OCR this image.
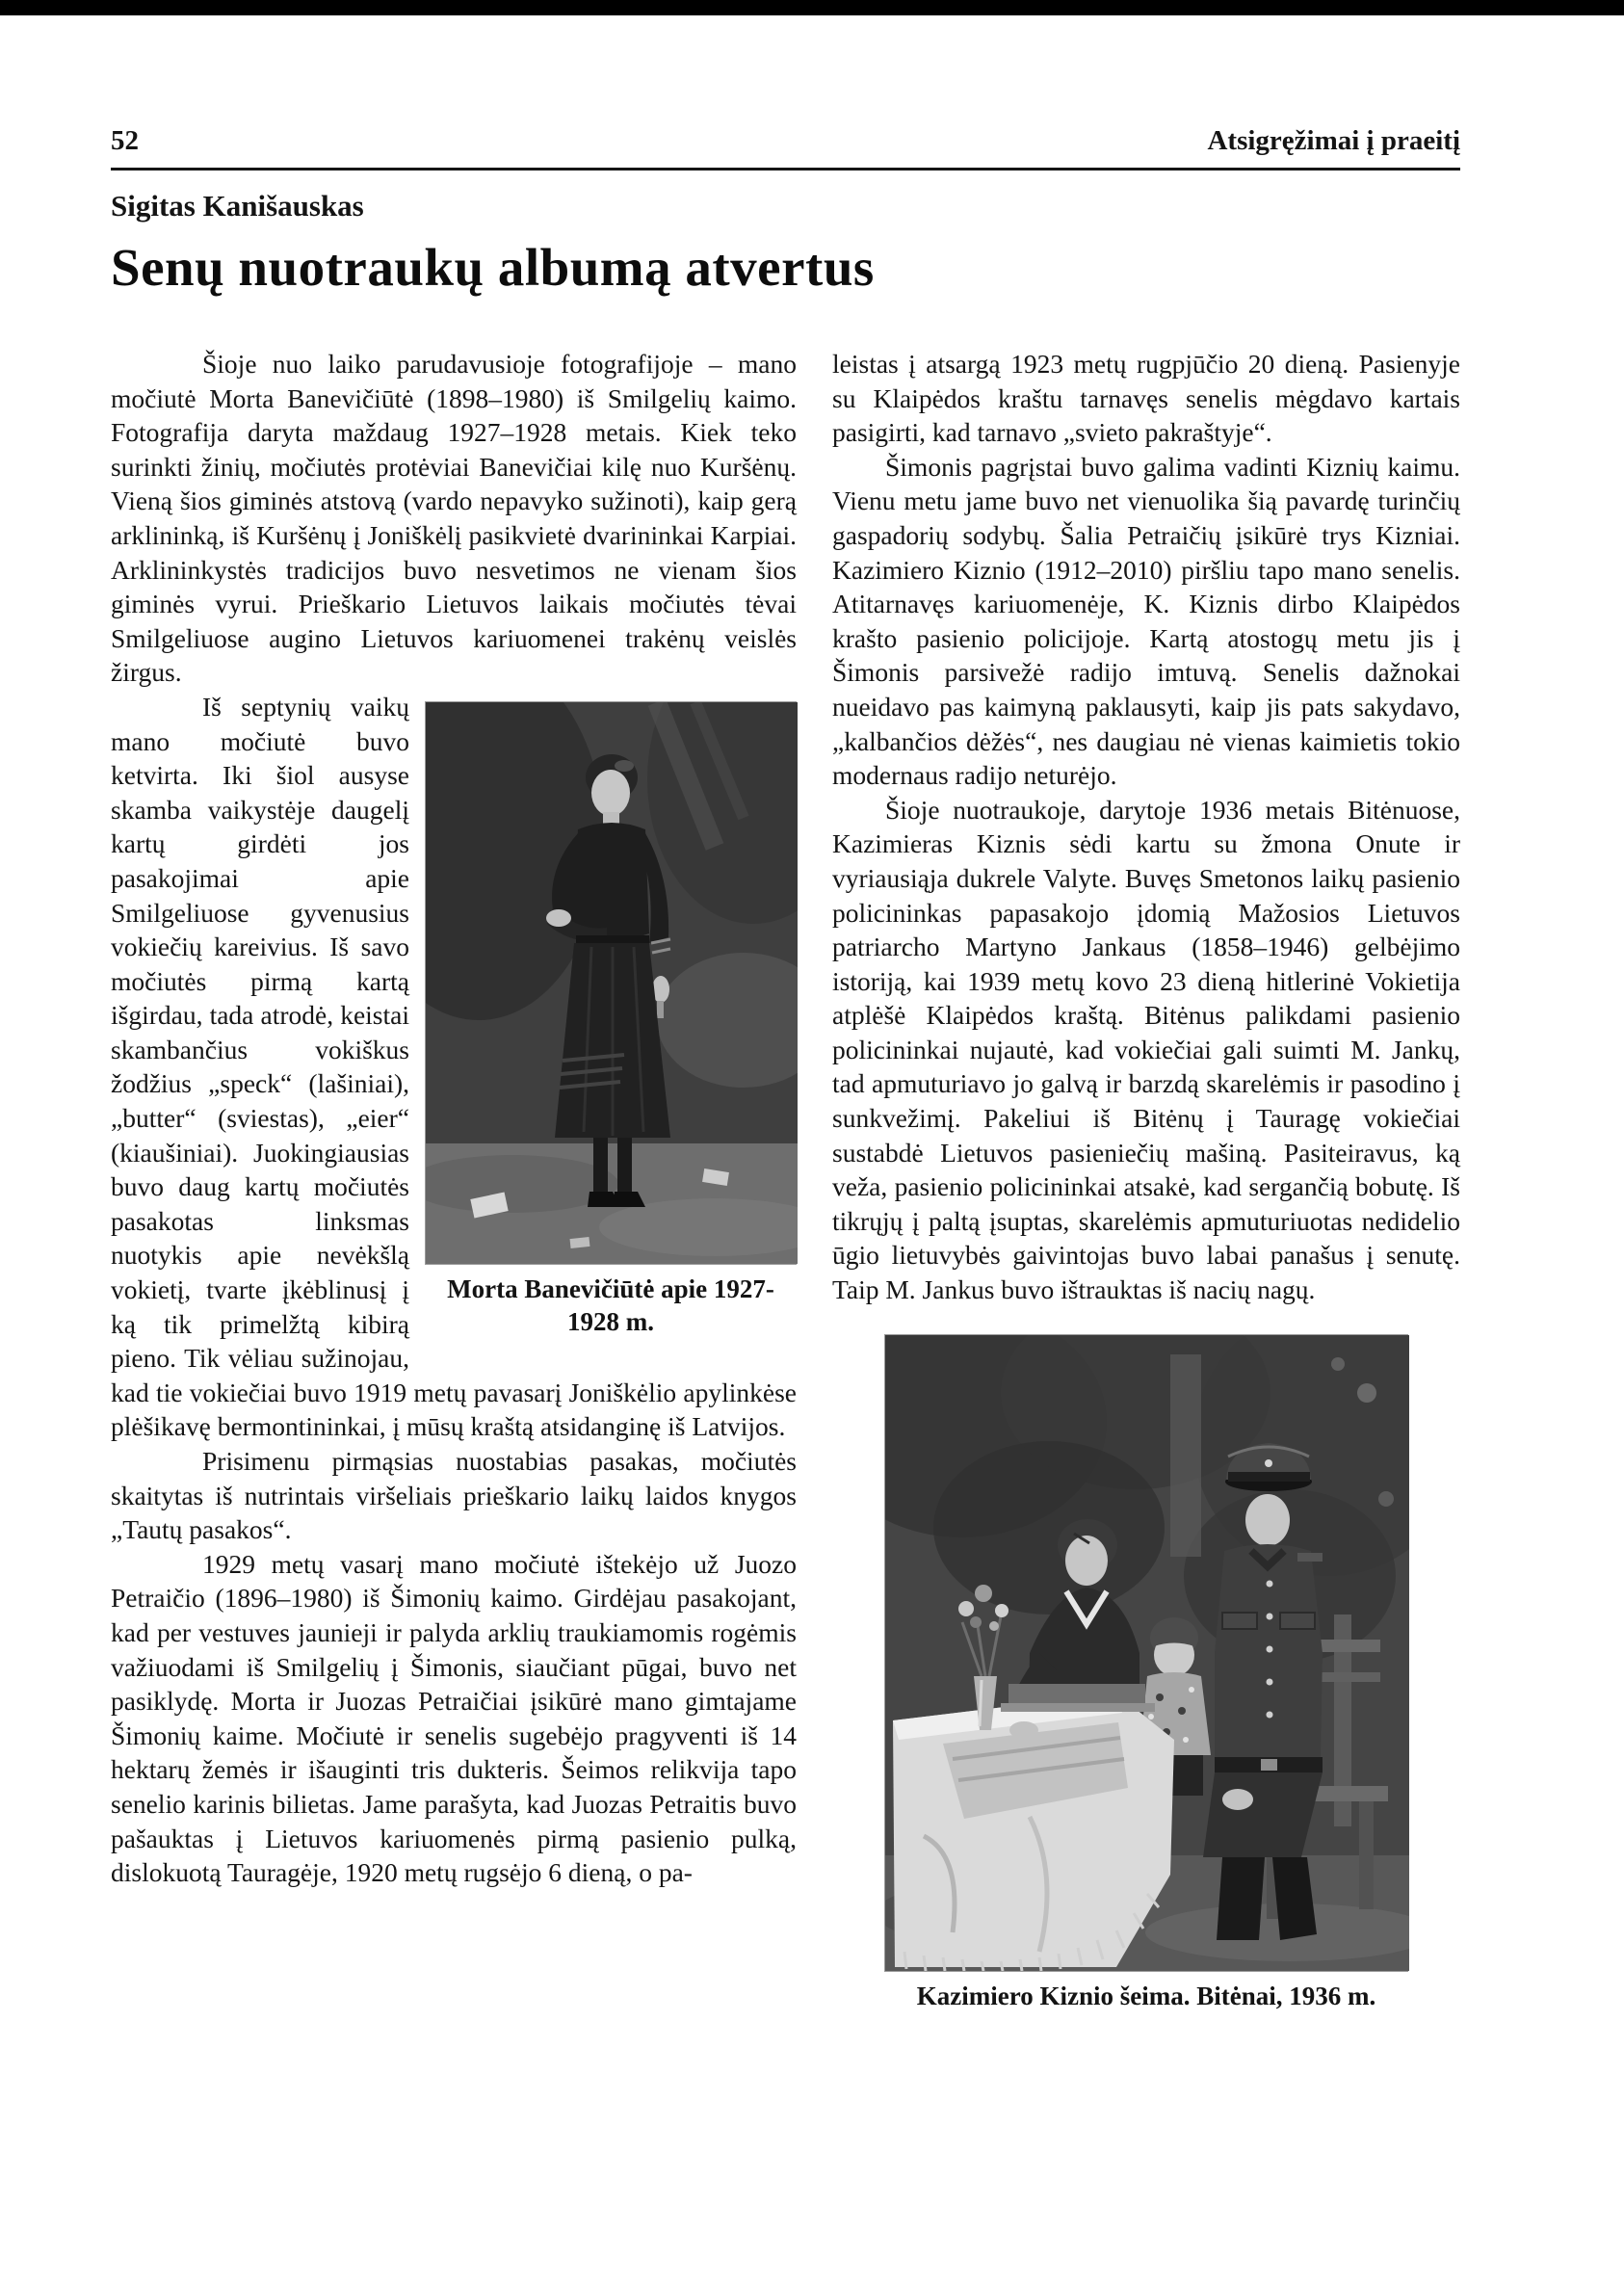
52	Atsigręžimai į praeitį
Sigitas Kanišauskas
Senų nuotraukų albumą atvertus

Šioje nuo laiko parudavusioje fotografijoje – mano močiutė Morta Banevičiūtė (1898–1980) iš Smilgelių kaimo. Fotografija daryta maždaug 1927–1928 metais. Kiek teko surinkti žinių, močiutės protėviai Banevičiai kilę nuo Kuršėnų. Vieną šios giminės atstovą (vardo nepavyko sužinoti), kaip gerą arklininką, iš Kuršėnų į Joniškėlį pasikvietė dvarininkai Karpiai. Arklininkystės tradicijos buvo nesvetimos ne vienam šios giminės vyrui. Prieškario Lietuvos laikais močiutės tėvai Smilgeliuose augino Lietuvos kariuomenei trakėnų veislės žirgus.

Morta Banevičiūtė apie 1927-1928 m.

Iš septynių vaikų mano močiutė buvo ketvirta. Iki šiol ausyse skamba vaikystėje daugelį kartų girdėti jos pasakojimai apie Smilgeliuose gyvenusius vokiečių kareivius. Iš savo močiutės pirmą kartą išgirdau, tada atrodė, keistai skambančius vokiškus žodžius „speck“ (lašiniai), „butter“ (sviestas), „eier“ (kiaušiniai). Juokingiausias buvo daug kartų močiutės pasakotas linksmas nuotykis apie nevėkšlą vokietį, tvarte įkėblinusį į ką tik primelžtą kibirą pieno. Tik vėliau sužinojau, kad tie vokiečiai buvo 1919 metų pavasarį Joniškėlio apylinkėse plėšikavę bermontininkai, į mūsų kraštą atsidanginę iš Latvijos.

Prisimenu pirmąsias nuostabias pasakas, močiutės skaitytas iš nutrintais viršeliais prieškario laikų laidos knygos „Tautų pasakos“.

1929 metų vasarį mano močiutė ištekėjo už Juozo Petraičio (1896–1980) iš Šimonių kaimo. Girdėjau pasakojant, kad per vestuves jaunieji ir palyda arklių traukiamomis rogėmis važiuodami iš Smilgelių į Šimonis, siaučiant pūgai, buvo net pasiklydę. Morta ir Juozas Petraičiai įsikūrė mano gimtajame Šimonių kaime. Močiutė ir senelis sugebėjo pragyventi iš 14 hektarų žemės ir išauginti tris dukteris. Šeimos relikvija tapo senelio karinis bilietas. Jame parašyta, kad Juozas Petraitis buvo pašauktas į Lietuvos kariuomenės pirmą pasienio pulką, dislokuotą Tauragėje, 1920 metų rugsėjo 6 dieną, o pa-

leistas į atsargą 1923 metų rugpjūčio 20 dieną. Pasienyje su Klaipėdos kraštu tarnavęs senelis mėgdavo kartais pasigirti, kad tarnavo „svieto pakraštyje“.

Šimonis pagrįstai buvo galima vadinti Kiznių kaimu. Vienu metu jame buvo net vienuolika šią pavardę turinčių gaspadorių sodybų. Šalia Petraičių įsikūrė trys Kizniai. Kazimiero Kiznio (1912–2010) piršliu tapo mano senelis. Atitarnavęs kariuomenėje, K. Kiznis dirbo Klaipėdos krašto pasienio policijoje. Kartą atostogų metu jis į Šimonis parsivežė radijo imtuvą. Senelis dažnokai nueidavo pas kaimyną paklausyti, kaip jis pats sakydavo, „kalbančios dėžės“, nes daugiau nė vienas kaimietis tokio modernaus radijo neturėjo.

Šioje nuotraukoje, darytoje 1936 metais Bitėnuose, Kazimieras Kiznis sėdi kartu su žmona Onute ir vyriausiąja dukrele Valyte. Buvęs Smetonos laikų pasienio policininkas papasakojo įdomią Mažosios Lietuvos patriarcho Martyno Jankaus (1858–1946) gelbėjimo istoriją, kai 1939 metų kovo 23 dieną hitlerinė Vokietija atplėšė Klaipėdos kraštą. Bitėnus palikdami pasienio policininkai nujautė, kad vokiečiai gali suimti M. Jankų, tad apmuturiavo jo galvą ir barzdą skarelėmis ir pasodino į sunkvežimį. Pakeliui iš Bitėnų į Tauragę vokiečiai sustabdė Lietuvos pasieniečių mašiną. Pasiteiravus, ką veža, pasienio policininkai atsakė, kad sergančią bobutę. Iš tikrųjų į paltą įsuptas, skarelėmis apmuturiuotas nedidelio ūgio lietuvybės gaivintojas buvo labai panašus į senutę. Taip M. Jankus buvo ištrauktas iš nacių nagų.

Kazimiero Kiznio šeima. Bitėnai, 1936 m.
